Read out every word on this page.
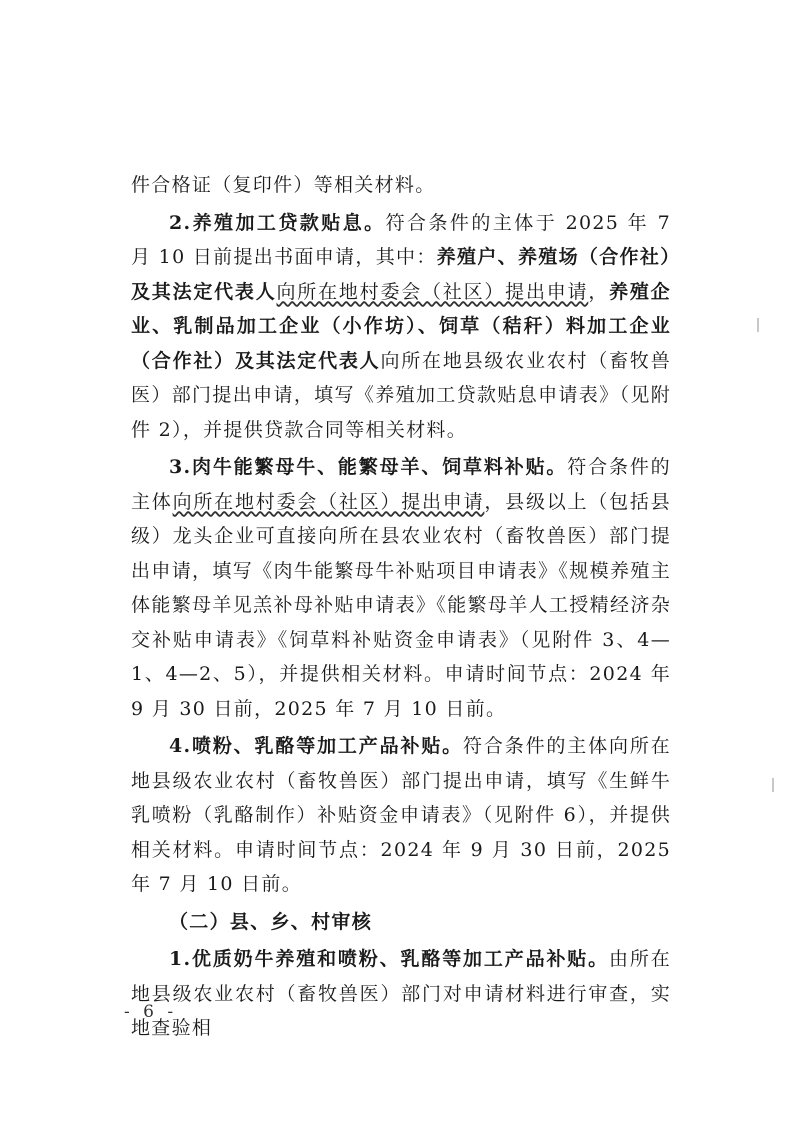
件合格证（复印件）等相关材料。

2.养殖加工贷款贴息。符合条件的主体于 2025 年 7 月 10 日前提出书面申请，其中：养殖户、养殖场（合作社）及其法定代表人向所在地村委会（社区）提出申请，养殖企业、乳制品加工企业（小作坊）、饲草（秸秆）料加工企业（合作社）及其法定代表人向所在地县级农业农村（畜牧兽医）部门提出申请，填写《养殖加工贷款贴息申请表》（见附件 2），并提供贷款合同等相关材料。

3.肉牛能繁母牛、能繁母羊、饲草料补贴。符合条件的主体向所在地村委会（社区）提出申请，县级以上（包括县级）龙头企业可直接向所在县农业农村（畜牧兽医）部门提出申请，填写《肉牛能繁母牛补贴项目申请表》《规模养殖主体能繁母羊见羔补母补贴申请表》《能繁母羊人工授精经济杂交补贴申请表》《饲草料补贴资金申请表》（见附件 3、4—1、4—2、5），并提供相关材料。申请时间节点：2024 年 9 月 30 日前，2025 年 7 月 10 日前。

4.喷粉、乳酪等加工产品补贴。符合条件的主体向所在地县级农业农村（畜牧兽医）部门提出申请，填写《生鲜牛乳喷粉（乳酪制作）补贴资金申请表》（见附件 6），并提供相关材料。申请时间节点：2024 年 9 月 30 日前，2025 年 7 月 10 日前。

（二）县、乡、村审核

1.优质奶牛养殖和喷粉、乳酪等加工产品补贴。由所在地县级农业农村（畜牧兽医）部门对申请材料进行审查，实地查验相

- 6 -
